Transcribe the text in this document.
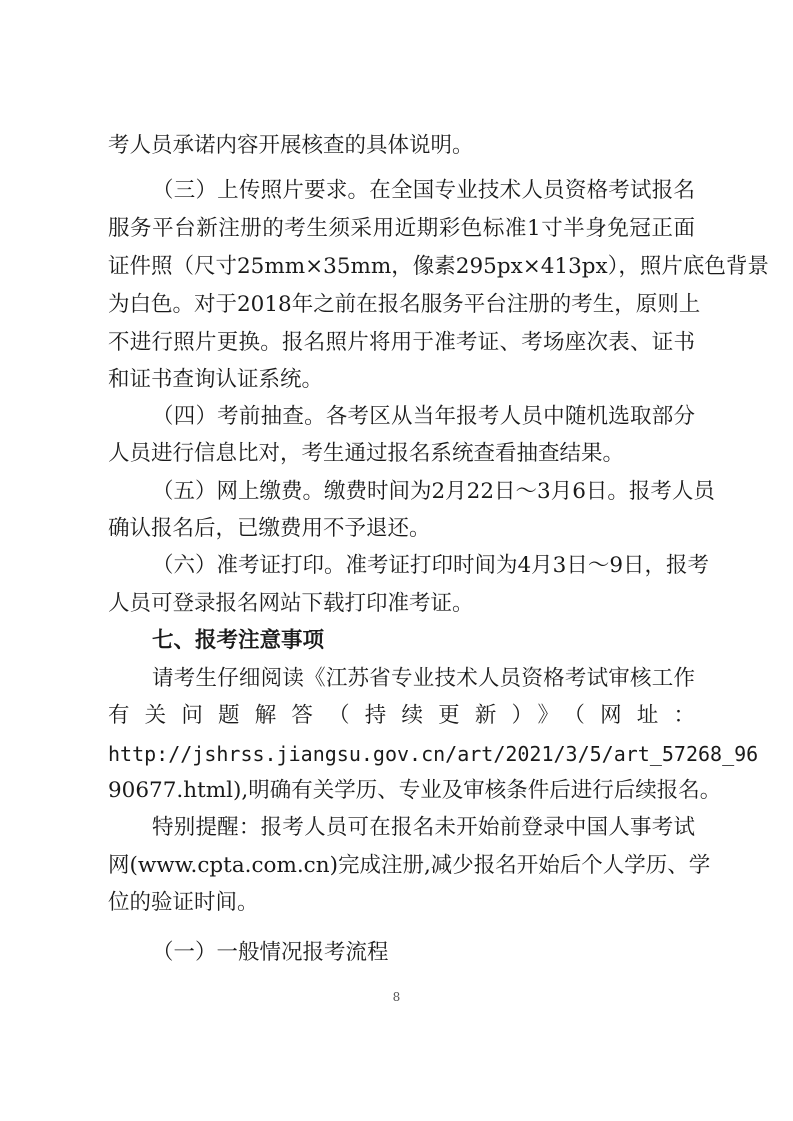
考人员承诺内容开展核查的具体说明。
（三）上传照片要求。在全国专业技术人员资格考试报名
服务平台新注册的考生须采用近期彩色标准1寸半身免冠正面
证件照（尺寸25mm×35mm，像素295px×413px），照片底色背景
为白色。对于2018年之前在报名服务平台注册的考生，原则上
不进行照片更换。报名照片将用于准考证、考场座次表、证书
和证书查询认证系统。
（四）考前抽查。各考区从当年报考人员中随机选取部分
人员进行信息比对，考生通过报名系统查看抽查结果。
（五）网上缴费。缴费时间为2月22日～3月6日。报考人员
确认报名后，已缴费用不予退还。
（六）准考证打印。准考证打印时间为4月3日～9日，报考
人员可登录报名网站下载打印准考证。
七、报考注意事项
请考生仔细阅读《江苏省专业技术人员资格考试审核工作
有关问题解答（持续更新）》（网址：
http://jshrss.jiangsu.gov.cn/art/2021/3/5/art_57268_96
90677.html),明确有关学历、专业及审核条件后进行后续报名。
特别提醒：报考人员可在报名未开始前登录中国人事考试
网(www.cpta.com.cn)完成注册,减少报名开始后个人学历、学
位的验证时间。
（一）一般情况报考流程
8
